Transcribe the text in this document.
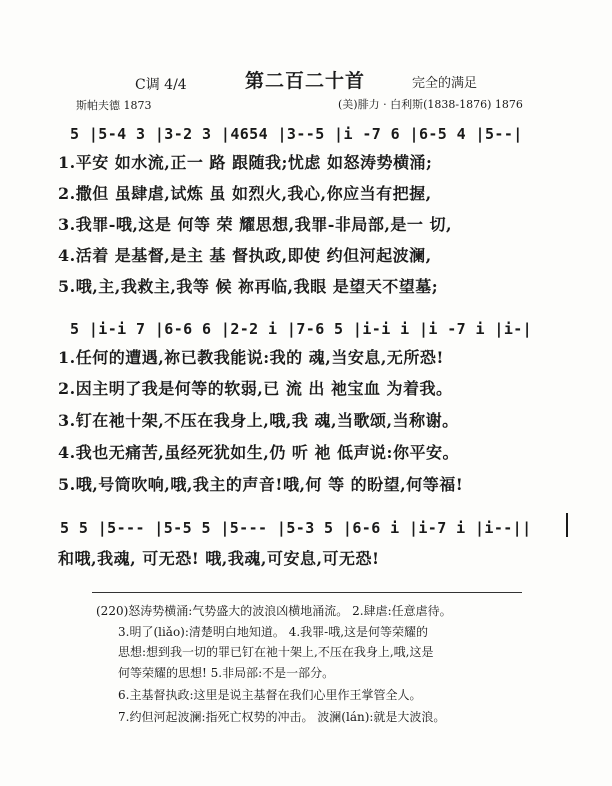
C调 4/4	第二百二十首	完全的满足
斯帕夫德 1873	(美)腓力 · 白利斯(1838-1876) 1876
5 |5-4 3 |3-2 3 |4654 |3--5 |i -7 6 |6-5 4 |5--|
1.平安 如水流,正一 路 跟随我;忧虑 如怒涛势横涌;
2.撒但 虽肆虐,试炼 虽 如烈火,我心,你应当有把握,
3.我罪-哦,这是 何等 荣 耀思想,我罪-非局部,是一 切,
4.活着 是基督,是主 基 督执政,即使 约但河起波澜,
5.哦,主,我救主,我等 候 祢再临,我眼 是望天不望墓;
5 |i-i 7 |6-6 6 |2-2 i |7-6 5 |i-i i |i -7 i |i-|
1.任何的遭遇,祢已教我能说:我的 魂,当安息,无所恐!
2.因主明了我是何等的软弱,已 流 出 祂宝血 为着我。
3.钉在祂十架,不压在我身上,哦,我 魂,当歌颂,当称谢。
4.我也无痛苦,虽经死犹如生,仍 听 祂 低声说:你平安。
5.哦,号筒吹响,哦,我主的声音!哦,何 等 的盼望,何等福!
5 5 |5--- |5-5 5 |5--- |5-3 5 |6-6 i |i-7 i |i--||
和哦,我魂, 可无恐! 哦,我魂,可安息,可无恐!
(220)怒涛势横涌:气势盛大的波浪凶横地涌流。 2.肆虐:任意虐待。
3.明了(liǎo):清楚明白地知道。 4.我罪-哦,这是何等荣耀的
思想:想到我一切的罪已钉在祂十架上,不压在我身上,哦,这是
何等荣耀的思想! 5.非局部:不是一部分。
6.主基督执政:这里是说主基督在我们心里作王掌管全人。
7.约但河起波澜:指死亡权势的冲击。 波澜(lán):就是大波浪。
